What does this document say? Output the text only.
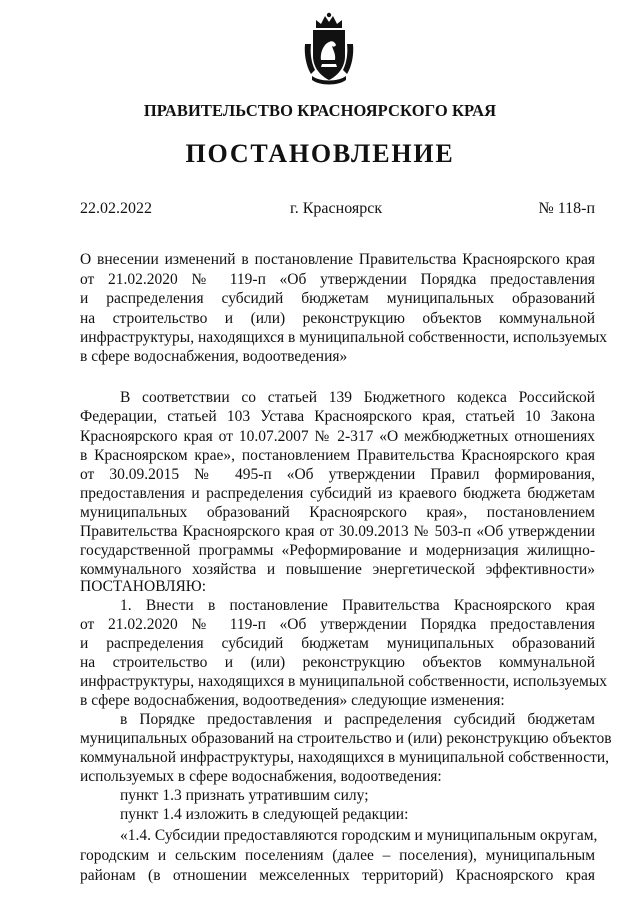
ПРАВИТЕЛЬСТВО КРАСНОЯРСКОГО КРАЯ
ПОСТАНОВЛЕНИЕ
22.02.2022	г. Красноярск	№ 118-п
О внесении изменений в постановление Правительства Красноярского края
от 21.02.2020 № 119-п «Об утверждении Порядка предоставления
и распределения субсидий бюджетам муниципальных образований
на строительство и (или) реконструкцию объектов коммунальной
инфраструктуры, находящихся в муниципальной собственности, используемых
в сфере водоснабжения, водоотведения»
В соответствии со статьей 139 Бюджетного кодекса Российской
Федерации, статьей 103 Устава Красноярского края, статьей 10 Закона
Красноярского края от 10.07.2007 № 2-317 «О межбюджетных отношениях
в Красноярском крае», постановлением Правительства Красноярского края
от 30.09.2015 № 495-п «Об утверждении Правил формирования,
предоставления и распределения субсидий из краевого бюджета бюджетам
муниципальных образований Красноярского края», постановлением
Правительства Красноярского края от 30.09.2013 № 503-п «Об утверждении
государственной программы «Реформирование и модернизация жилищно-
коммунального хозяйства и повышение энергетической эффективности»
ПОСТАНОВЛЯЮ:
1. Внести в постановление Правительства Красноярского края
от 21.02.2020 № 119-п «Об утверждении Порядка предоставления
и распределения субсидий бюджетам муниципальных образований
на строительство и (или) реконструкцию объектов коммунальной
инфраструктуры, находящихся в муниципальной собственности, используемых
в сфере водоснабжения, водоотведения» следующие изменения:
в Порядке предоставления и распределения субсидий бюджетам
муниципальных образований на строительство и (или) реконструкцию объектов
коммунальной инфраструктуры, находящихся в муниципальной собственности,
используемых в сфере водоснабжения, водоотведения:
пункт 1.3 признать утратившим силу;
пункт 1.4 изложить в следующей редакции:
«1.4. Субсидии предоставляются городским и муниципальным округам,
городским и сельским поселениям (далее – поселения), муниципальным
районам (в отношении межселенных территорий) Красноярского края
